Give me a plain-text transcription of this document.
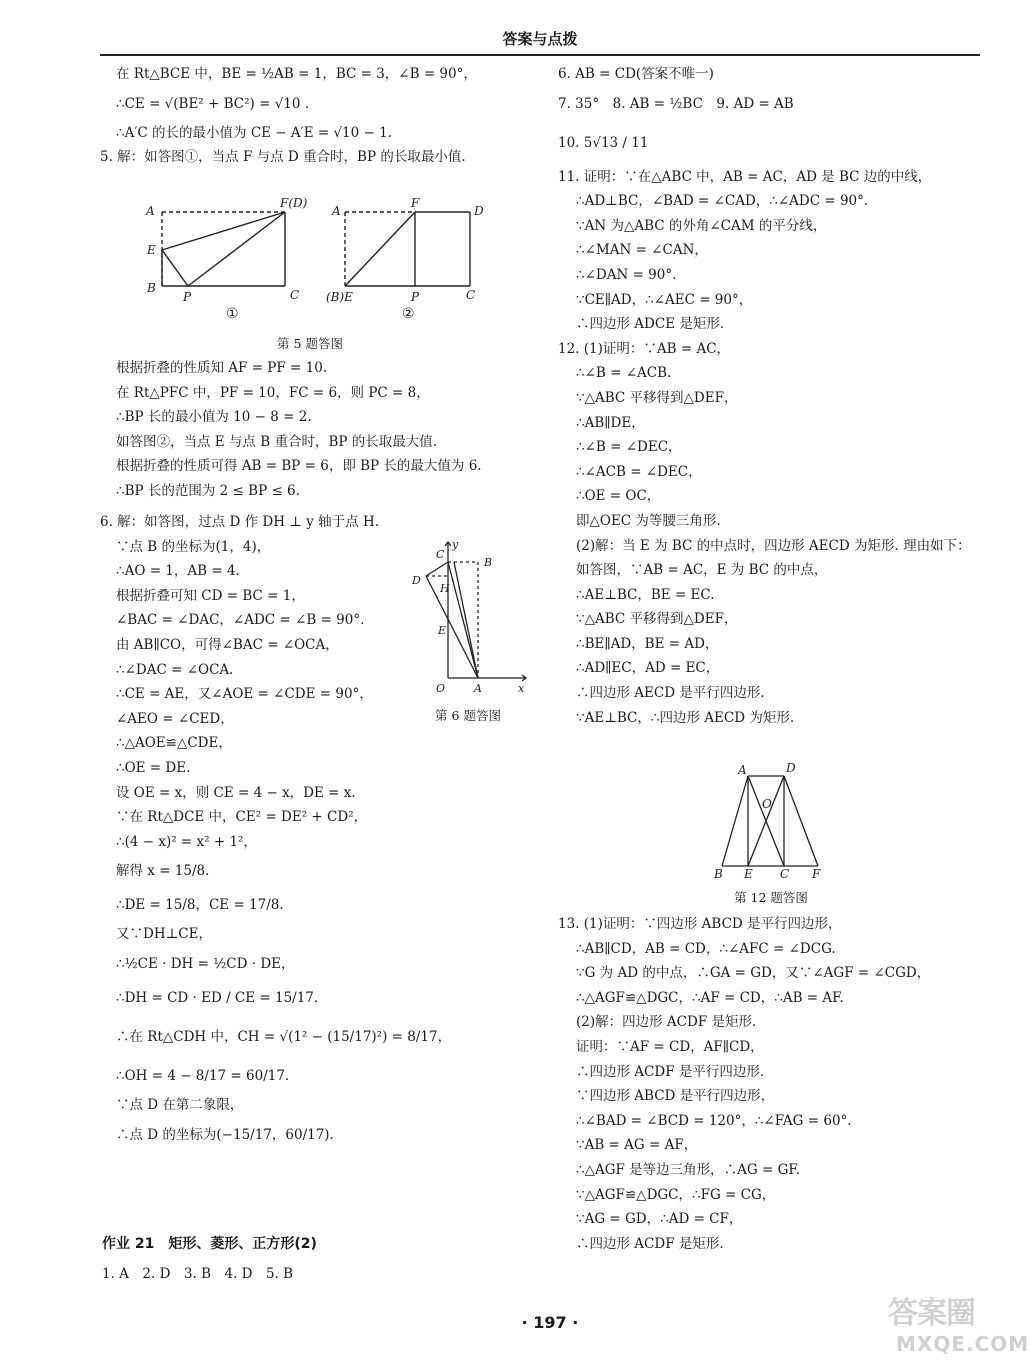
答案与点拨
在 Rt△BCE 中，BE = ½AB = 1，BC = 3，∠B = 90°，
∴CE = √(BE² + BC²) = √10 .
∴A′C 的长的最小值为 CE − A′E = √10 − 1.
5. 解：如答图①，当点 F 与点 D 重合时，BP 的长取最小值.
A
F(D)
E
B
P	C
A
F
D
(B)E	P	C
①	②
第 5 题答图
根据折叠的性质知 AF = PF = 10.
在 Rt△PFC 中，PF = 10，FC = 6，则 PC = 8，
∴BP 长的最小值为 10 − 8 = 2.
如答图②，当点 E 与点 B 重合时，BP 的长取最大值.
根据折叠的性质可得 AB = BP = 6，即 BP 长的最大值为 6.
∴BP 长的范围为 2 ≤ BP ≤ 6.
6. 解：如答图，过点 D 作 DH ⊥ y 轴于点 H.
∵点 B 的坐标为(1，4)，
∴AO = 1，AB = 4.
根据折叠可知 CD = BC = 1，
∠BAC = ∠DAC，∠ADC = ∠B = 90°.
由 AB∥CO，可得∠BAC = ∠OCA，
∴∠DAC = ∠OCA.
∴CE = AE，又∠AOE = ∠CDE = 90°，
∠AEO = ∠CED，
∴△AOE≌△CDE，
∴OE = DE.
设 OE = x，则 CE = 4 − x，DE = x.
∵在 Rt△DCE 中，CE² = DE² + CD²，
∴(4 − x)² = x² + 1²，
解得 x = 15/8.
∴DE = 15/8，CE = 17/8.
又∵DH⊥CE，
∴½CE · DH = ½CD · DE，
∴DH = CD · ED / CE = 15/17.
∴在 Rt△CDH 中，CH = √(1² − (15/17)²) = 8/17，
∴OH = 4 − 8/17 = 60/17.
∵点 D 在第二象限，
∴点 D 的坐标为(−15/17，60/17).
C
y
B
D
H
E
O	A	x
第 6 题答图
作业 21　矩形、菱形、正方形(2)
1. A　2. D　3. B　4. D　5. B
6. AB = CD(答案不唯一)
7. 35°　8. AB = ½BC　9. AD = AB
10. 5√13 / 11
11. 证明：∵在△ABC 中，AB = AC，AD 是 BC 边的中线，
∴AD⊥BC，∠BAD = ∠CAD，∴∠ADC = 90°.
∵AN 为△ABC 的外角∠CAM 的平分线，
∴∠MAN = ∠CAN，
∴∠DAN = 90°.
∵CE∥AD，∴∠AEC = 90°，
∴四边形 ADCE 是矩形.
12. (1)证明：∵AB = AC，
∴∠B = ∠ACB.
∵△ABC 平移得到△DEF，
∴AB∥DE，
∴∠B = ∠DEC，
∴∠ACB = ∠DEC，
∴OE = OC，
即△OEC 为等腰三角形.
(2)解：当 E 为 BC 的中点时，四边形 AECD 为矩形. 理由如下：
如答图，∵AB = AC，E 为 BC 的中点，
∴AE⊥BC，BE = EC.
∵△ABC 平移得到△DEF，
∴BE∥AD，BE = AD，
∴AD∥EC，AD = EC，
∴四边形 AECD 是平行四边形.
∵AE⊥BC，∴四边形 AECD 为矩形.
A	D
O
B E C F
第 12 题答图
13. (1)证明：∵四边形 ABCD 是平行四边形，
∴AB∥CD，AB = CD，∴∠AFC = ∠DCG.
∵G 为 AD 的中点，∴GA = GD，又∵∠AGF = ∠CGD，
∴△AGF≌△DGC，∴AF = CD，∴AB = AF.
(2)解：四边形 ACDF 是矩形.
证明：∵AF = CD，AF∥CD，
∴四边形 ACDF 是平行四边形.
∵四边形 ABCD 是平行四边形，
∴∠BAD = ∠BCD = 120°，∴∠FAG = 60°.
∵AB = AG = AF，
∴△AGF 是等边三角形，∴AG = GF.
∵△AGF≌△DGC，∴FG = CG，
∵AG = GD，∴AD = CF，
∴四边形 ACDF 是矩形.
· 197 ·	答案圈
MXQE.COM
